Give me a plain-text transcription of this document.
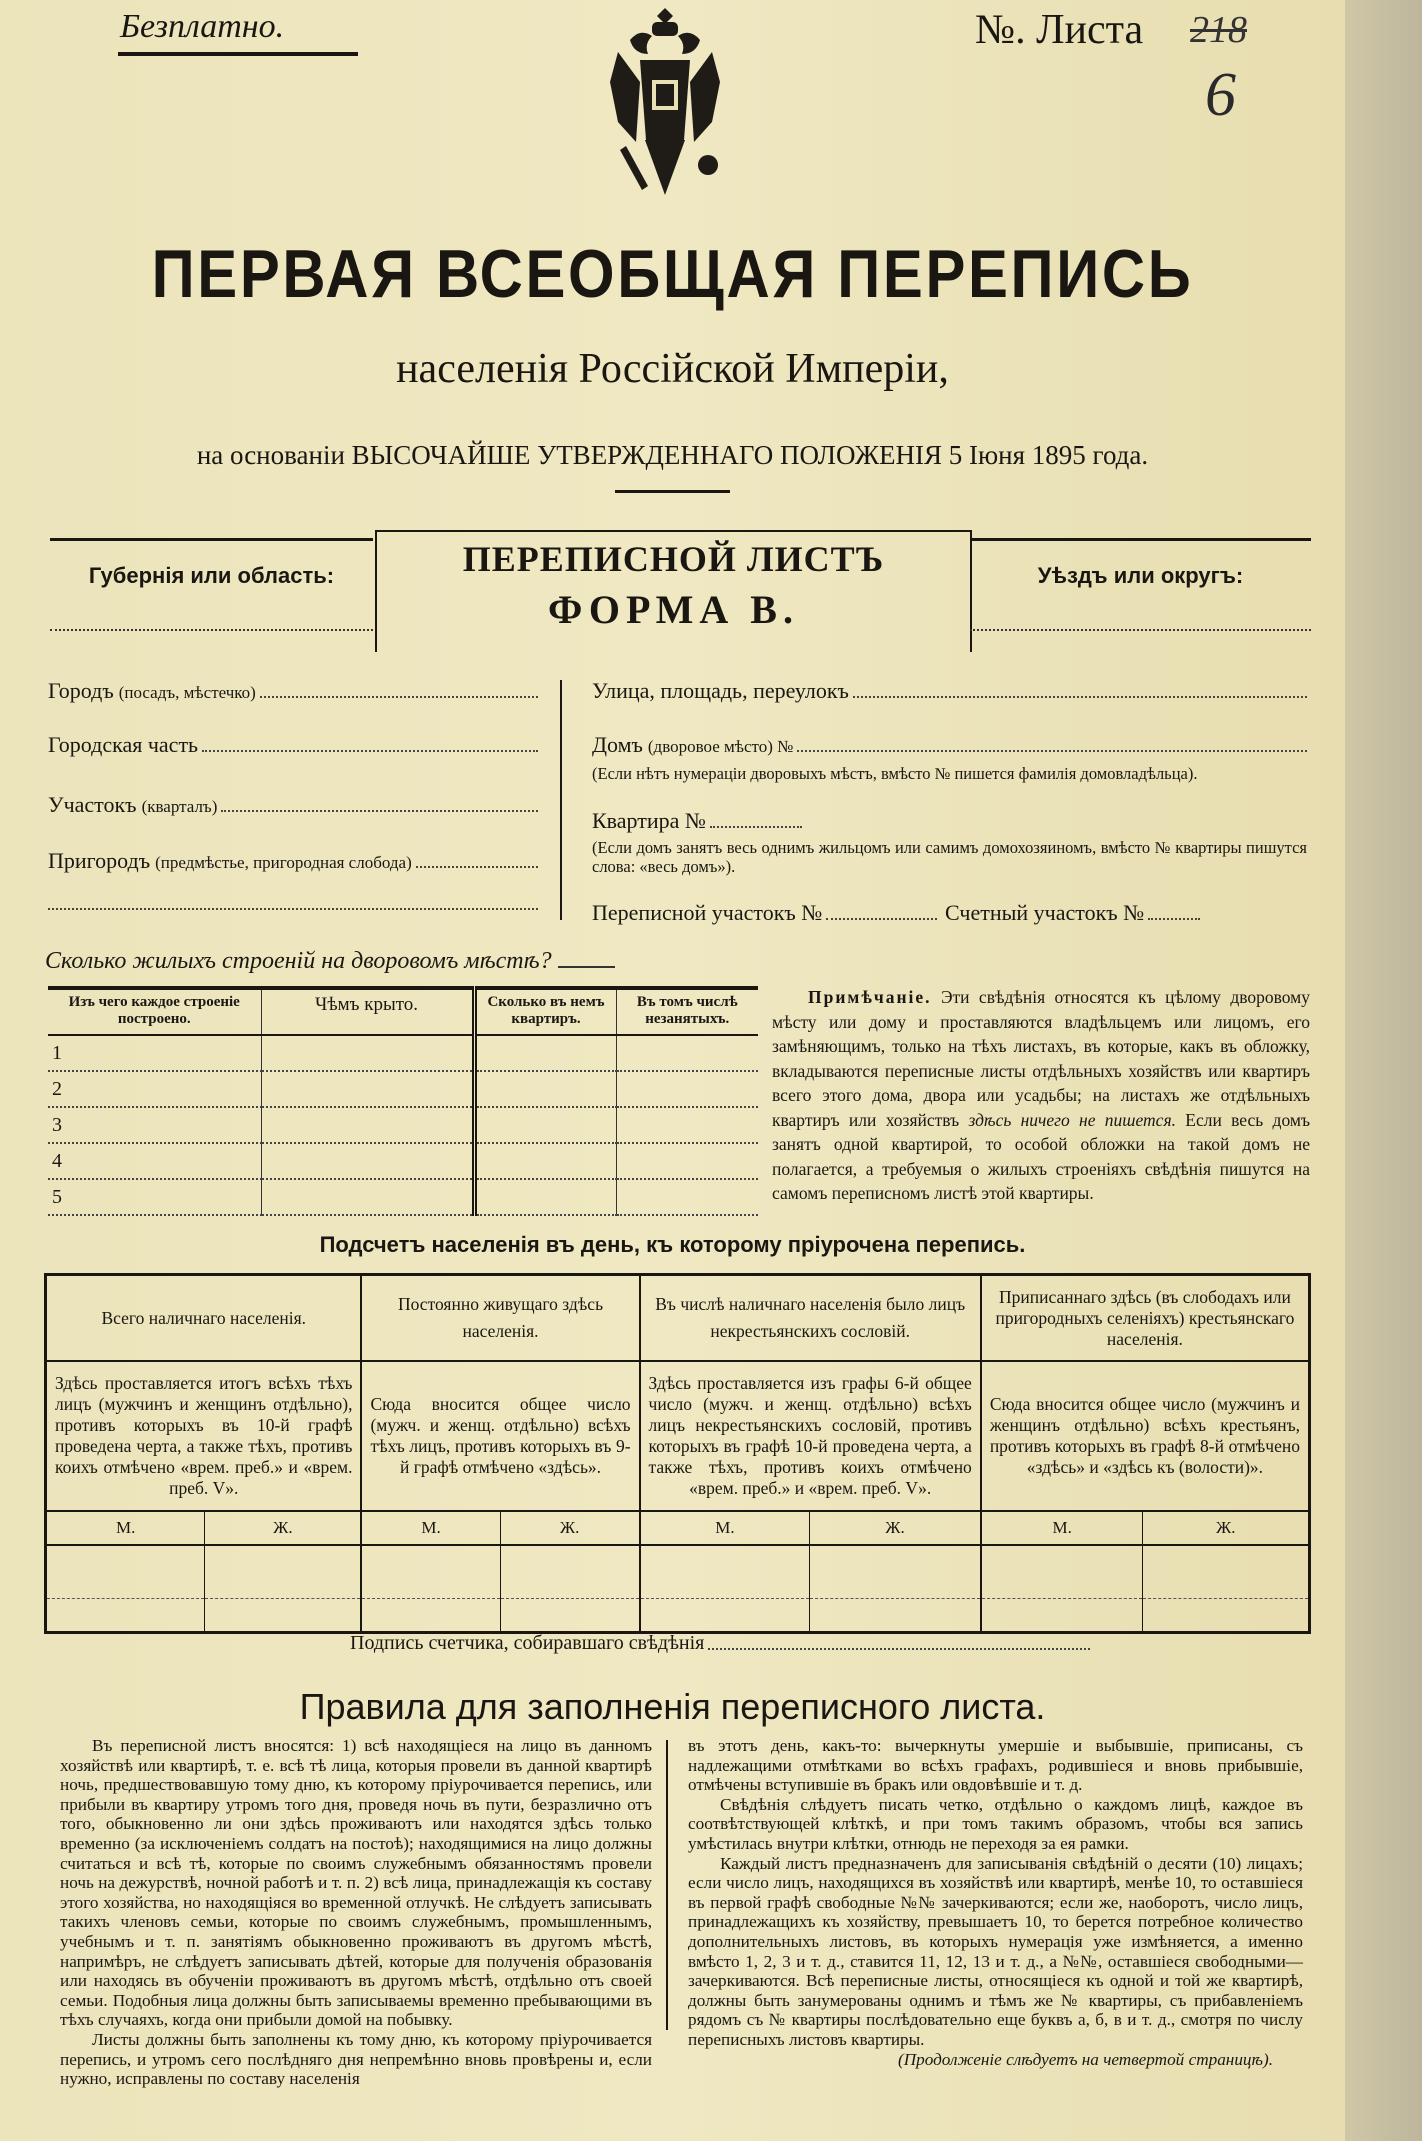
Безплатно.	№. Листа 218
6
ПЕРВАЯ ВСЕОБЩАЯ ПЕРЕПИСЬ
населенія Россійской Имперіи,
на основаніи ВЫСОЧАЙШЕ УТВЕРЖДЕННАГО ПОЛОЖЕНІЯ 5 Іюня 1895 года.
Губернія или область:	ПЕРЕПИСНОЙ ЛИСТЪ
ФОРМА В.
Уѣздъ или округъ:
Городъ
(посадъ, мѣстечко)
Городская часть
Участокъ
(кварталъ)
Пригородъ
(предмѣстье, пригородная слобода)
Улица, площадь, переулокъ
Домъ
(дворовое мѣсто) №
(Если нѣтъ нумераціи дворовыхъ мѣстъ, вмѣсто № пишется фамилія домовладѣльца).
Квартира №
(Если домъ занятъ весь однимъ жильцомъ или самимъ домохозяиномъ, вмѣсто № квартиры пишутся слова: «весь домъ»).
Переписной участокъ №	Счетный участокъ №
Сколько жилыхъ строеній на дворовомъ мѣстѣ?
Изъ чего каждое строеніе построено.	Чѣмъ крыто.	Сколько въ немъ квартиръ.	Въ томъ числѣ незанятыхъ.
1			
2			
3			
4			
5			

Примѣчаніе. Эти свѣдѣнія относятся къ цѣлому дворовому мѣсту или дому и проставляются владѣльцемъ или лицомъ, его замѣняющимъ, только на тѣхъ листахъ, въ которые, какъ въ обложку, вкладываются переписные листы отдѣльныхъ хозяйствъ или квартиръ всего этого дома, двора или усадьбы; на листахъ же отдѣльныхъ квартиръ или хозяйствъ здѣсь ничего не пишется. Если весь домъ занятъ одной квартирой, то особой обложки на такой домъ не полагается, а требуемыя о жилыхъ строеніяхъ свѣдѣнія пишутся на самомъ переписномъ листѣ этой квартиры.

Подсчетъ населенія въ день, къ которому пріурочена перепись.
Всего наличнаго населенія.		Постоянно живущаго здѣсь населенія.		Въ числѣ наличнаго населенія было лицъ некрестьянскихъ сословій.		Приписаннаго здѣсь (въ слободахъ или пригородныхъ селеніяхъ) крестьянскаго населенія.	
Здѣсь проставляется итогъ всѣхъ тѣхъ лицъ (мужчинъ и женщинъ отдѣльно), противъ которыхъ въ 10-й графѣ проведена черта, а также тѣхъ, противъ коихъ отмѣчено «врем. преб.» и «врем. преб. V».		Сюда вносится общее число (мужч. и женщ. отдѣльно) всѣхъ тѣхъ лицъ, противъ которыхъ въ 9-й графѣ отмѣчено «здѣсь».		Здѣсь проставляется изъ графы 6-й общее число (мужч. и женщ. отдѣльно) всѣхъ лицъ некрестьянскихъ сословій, противъ которыхъ въ графѣ 10-й проведена черта, а также тѣхъ, противъ коихъ отмѣчено «врем. преб.» и «врем. преб. V».		Сюда вносится общее число (мужчинъ и женщинъ отдѣльно) всѣхъ крестьянъ, противъ которыхъ въ графѣ 8-й отмѣчено «здѣсь» и «здѣсь къ (волости)».	
М.	Ж.	М.	Ж.	М.	Ж.	М.	Ж.

Подпись счетчика, собиравшаго свѣдѣнія
Правила для заполненія переписного листа.

Въ переписной листъ вносятся: 1) всѣ находящіеся на лицо въ данномъ хозяйствѣ или квартирѣ, т. е. всѣ тѣ лица, которыя провели въ данной квартирѣ ночь, предшествовавшую тому дню, къ которому пріурочивается перепись, или прибыли въ квартиру утромъ того дня, проведя ночь въ пути, безразлично отъ того, обыкновенно ли они здѣсь проживаютъ или находятся здѣсь только временно (за исключеніемъ солдатъ на постоѣ); находящимися на лицо должны считаться и всѣ тѣ, которые по своимъ служебнымъ обязанностямъ провели ночь на дежурствѣ, ночной работѣ и т. п. 2) всѣ лица, принадлежащія къ составу этого хозяйства, но находящіяся во временной отлучкѣ. Не слѣдуетъ записывать такихъ членовъ семьи, которые по своимъ служебнымъ, промышленнымъ, учебнымъ и т. п. занятіямъ обыкновенно проживаютъ въ другомъ мѣстѣ, напримѣръ, не слѣдуетъ записывать дѣтей, которые для полученія образованія или находясь въ обученіи проживаютъ въ другомъ мѣстѣ, отдѣльно отъ своей семьи. Подобныя лица должны быть записываемы временно пребывающими въ тѣхъ случаяхъ, когда они прибыли домой на побывку.

Листы должны быть заполнены къ тому дню, къ которому пріурочивается перепись, и утромъ сего послѣдняго дня непремѣнно вновь провѣрены и, если нужно, исправлены по составу населенія

въ этотъ день, какъ-то: вычеркнуты умершіе и выбывшіе, приписаны, съ надлежащими отмѣтками во всѣхъ графахъ, родившіеся и вновь прибывшіе, отмѣчены вступившіе въ бракъ или овдовѣвшіе и т. д.

Свѣдѣнія слѣдуетъ писать четко, отдѣльно о каждомъ лицѣ, каждое въ соотвѣтствующей клѣткѣ, и при томъ такимъ образомъ, чтобы вся запись умѣстилась внутри клѣтки, отнюдь не переходя за ея рамки.

Каждый листъ предназначенъ для записыванія свѣдѣній о десяти (10) лицахъ; если число лицъ, находящихся въ хозяйствѣ или квартирѣ, менѣе 10, то оставшіеся въ первой графѣ свободные №№ зачеркиваются; если же, наоборотъ, число лицъ, принадлежащихъ къ хозяйству, превышаетъ 10, то берется потребное количество дополнительныхъ листовъ, въ которыхъ нумерація уже измѣняется, а именно вмѣсто 1, 2, 3 и т. д., ставится 11, 12, 13 и т. д., а №№, оставшіеся свободными—зачеркиваются. Всѣ переписные листы, относящіеся къ одной и той же квартирѣ, должны быть занумерованы однимъ и тѣмъ же № квартиры, съ прибавленіемъ рядомъ съ № квартиры послѣдовательно еще буквъ а, б, в и т. д., смотря по числу переписныхъ листовъ квартиры.

(Продолженіе слѣдуетъ на четвертой страницѣ).
